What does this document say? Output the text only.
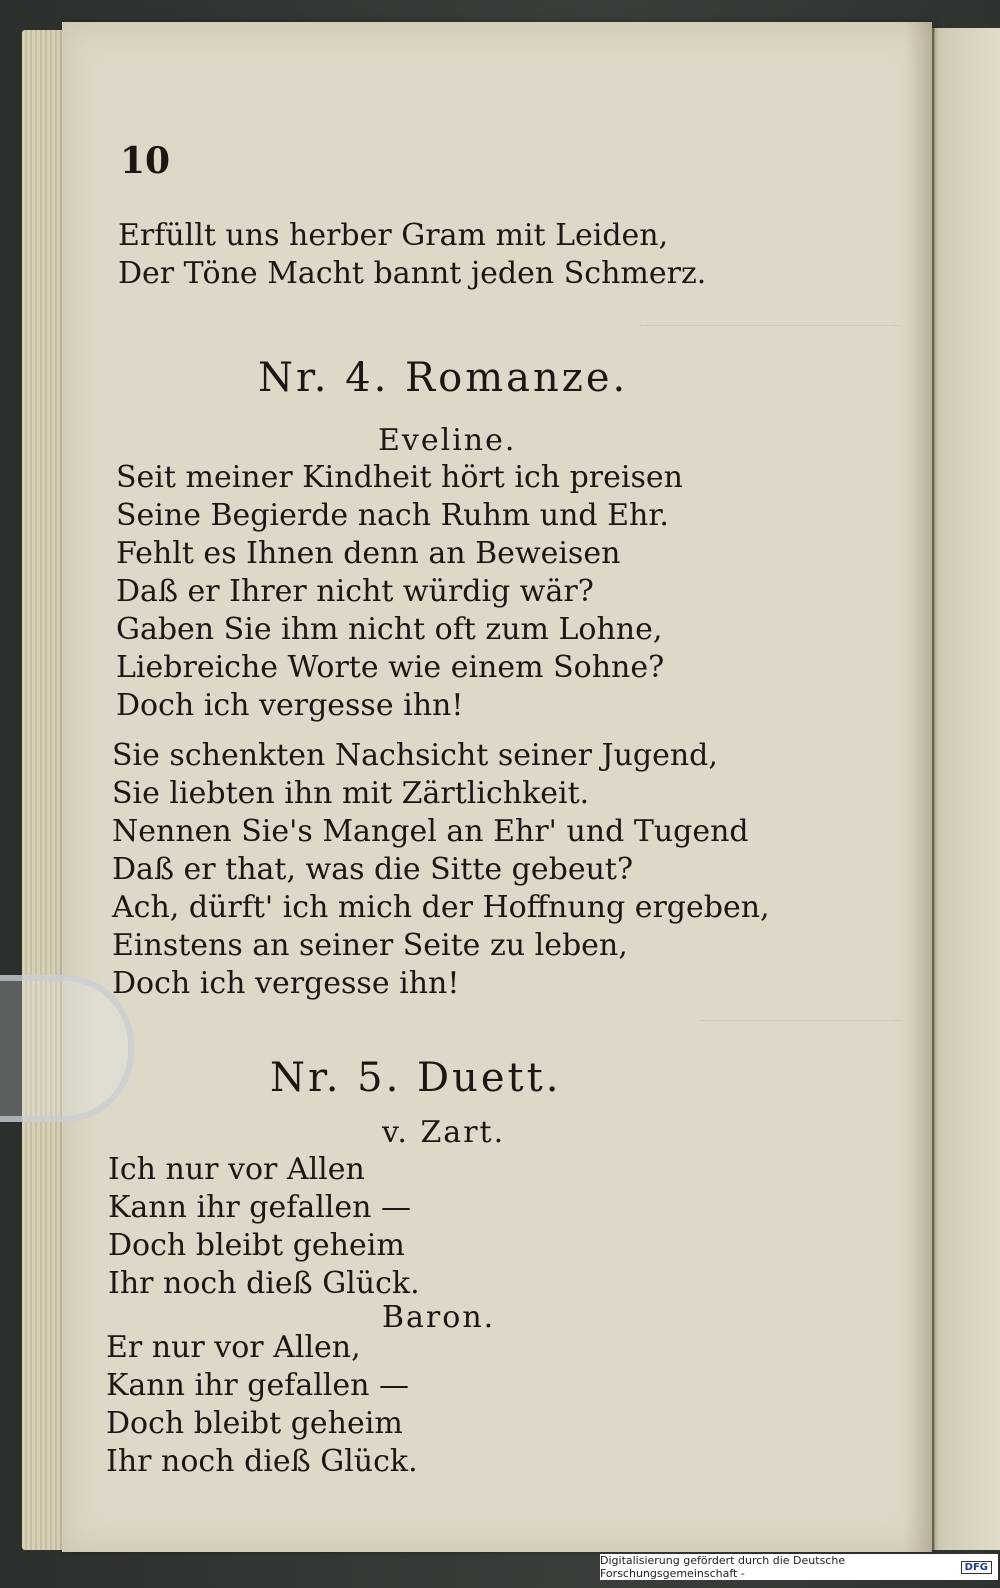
10
Erfüllt uns herber Gram mit Leiden,
Der Töne Macht bannt jeden Schmerz.
Nr. 4. Romanze.
Eveline.
Seit meiner Kindheit hört ich preisen
Seine Begierde nach Ruhm und Ehr.
Fehlt es Ihnen denn an Beweisen
Daß er Ihrer nicht würdig wär?
Gaben Sie ihm nicht oft zum Lohne,
Liebreiche Worte wie einem Sohne?
Doch ich vergesse ihn!
Sie schenkten Nachsicht seiner Jugend,
Sie liebten ihn mit Zärtlichkeit.
Nennen Sie's Mangel an Ehr' und Tugend
Daß er that, was die Sitte gebeut?
Ach, dürft' ich mich der Hoffnung ergeben,
Einstens an seiner Seite zu leben,
Doch ich vergesse ihn!
Nr. 5. Duett.
v. Zart.
Ich nur vor Allen
Kann ihr gefallen —
Doch bleibt geheim
Ihr noch dieß Glück.
Baron.
Er nur vor Allen,
Kann ihr gefallen —
Doch bleibt geheim
Ihr noch dieß Glück.
Digitalisierung gefördert durch die Deutsche Forschungsgemeinschaft -	DFG
